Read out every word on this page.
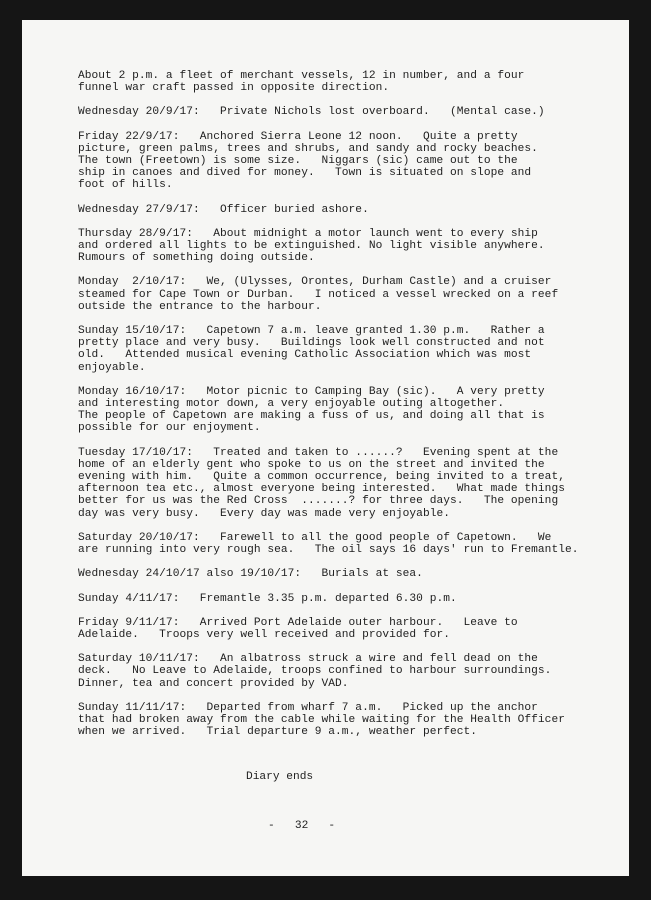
About 2 p.m. a fleet of merchant vessels, 12 in number, and a four
funnel war craft passed in opposite direction.

Wednesday 20/9/17:   Private Nichols lost overboard.   (Mental case.)

Friday 22/9/17:   Anchored Sierra Leone 12 noon.   Quite a pretty
picture, green palms, trees and shrubs, and sandy and rocky beaches.
The town (Freetown) is some size.   Niggars (sic) came out to the
ship in canoes and dived for money.   Town is situated on slope and
foot of hills.

Wednesday 27/9/17:   Officer buried ashore.

Thursday 28/9/17:   About midnight a motor launch went to every ship
and ordered all lights to be extinguished. No light visible anywhere.
Rumours of something doing outside.

Monday  2/10/17:   We, (Ulysses, Orontes, Durham Castle) and a cruiser
steamed for Cape Town or Durban.   I noticed a vessel wrecked on a reef
outside the entrance to the harbour.

Sunday 15/10/17:   Capetown 7 a.m. leave granted 1.30 p.m.   Rather a
pretty place and very busy.   Buildings look well constructed and not
old.   Attended musical evening Catholic Association which was most
enjoyable.

Monday 16/10/17:   Motor picnic to Camping Bay (sic).   A very pretty
and interesting motor down, a very enjoyable outing altogether.
The people of Capetown are making a fuss of us, and doing all that is
possible for our enjoyment.

Tuesday 17/10/17:   Treated and taken to ......?   Evening spent at the
home of an elderly gent who spoke to us on the street and invited the
evening with him.   Quite a common occurrence, being invited to a treat,
afternoon tea etc., almost everyone being interested.   What made things
better for us was the Red Cross  .......? for three days.   The opening
day was very busy.   Every day was made very enjoyable.

Saturday 20/10/17:   Farewell to all the good people of Capetown.   We
are running into very rough sea.   The oil says 16 days' run to Fremantle.

Wednesday 24/10/17 also 19/10/17:   Burials at sea.

Sunday 4/11/17:   Fremantle 3.35 p.m. departed 6.30 p.m.

Friday 9/11/17:   Arrived Port Adelaide outer harbour.   Leave to
Adelaide.   Troops very well received and provided for.

Saturday 10/11/17:   An albatross struck a wire and fell dead on the
deck.   No Leave to Adelaide, troops confined to harbour surroundings.
Dinner, tea and concert provided by VAD.

Sunday 11/11/17:   Departed from wharf 7 a.m.   Picked up the anchor
that had broken away from the cable while waiting for the Health Officer
when we arrived.   Trial departure 9 a.m., weather perfect.

Diary ends
-   32   -
